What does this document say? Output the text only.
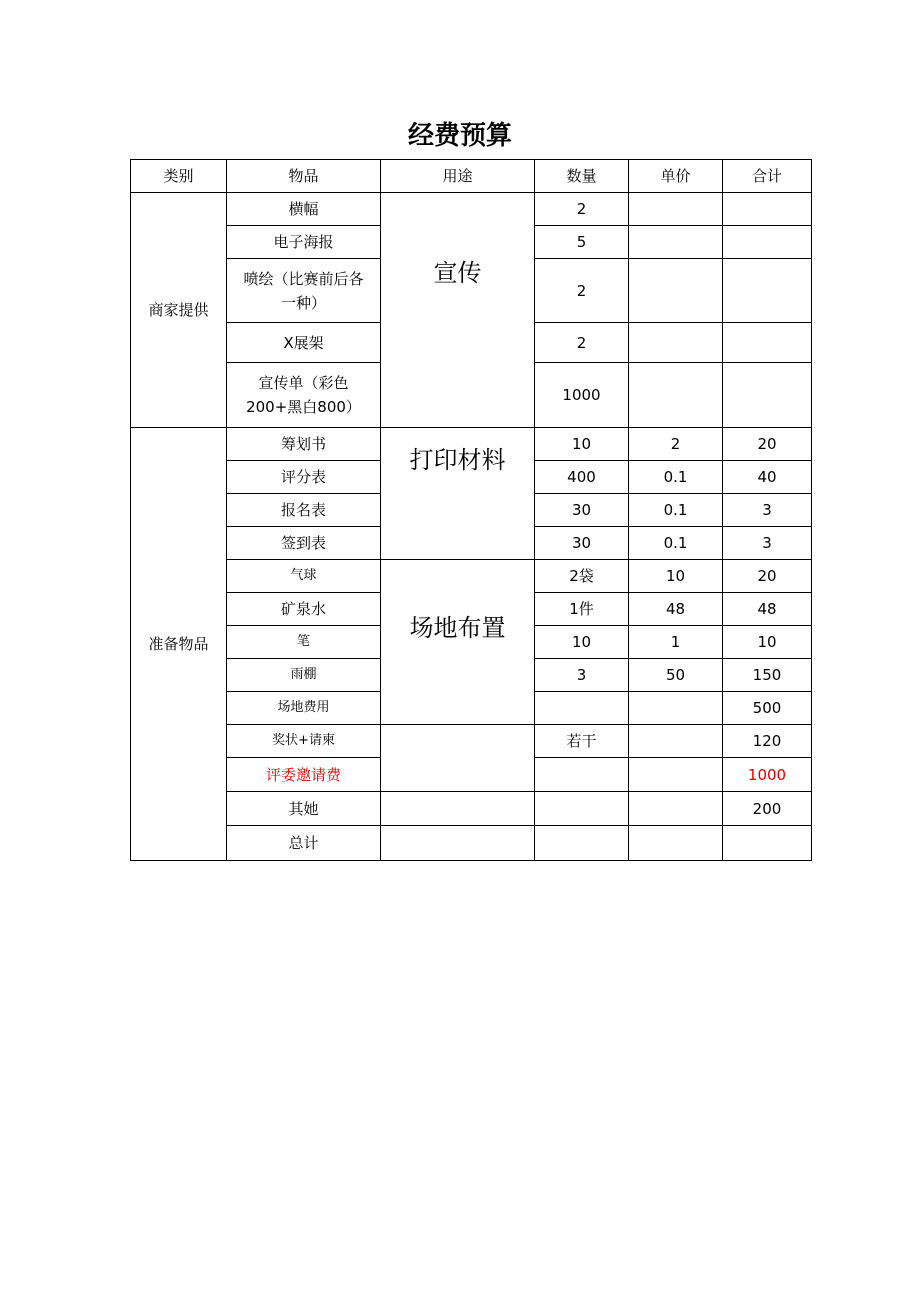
经费预算
类别	物品	用途	数量	单价	合计
商家提供	横幅	宣传	2		
	电子海报		5		
	喷绘（比赛前后各一种）		2		
	X展架		2		
	宣传单（彩色200+黑白800）		1000		
准备物品	筹划书	打印材料	10	2	20
	评分表		400	0.1	40
	报名表		30	0.1	3
	签到表		30	0.1	3
	气球	场地布置	2袋	10	20
	矿泉水		1件	48	48
	笔		10	1	10
	雨棚		3	50	150
	场地费用				500
	奖状+请柬		若干		120
	评委邀请费				1000
	其她				200
	总计				
